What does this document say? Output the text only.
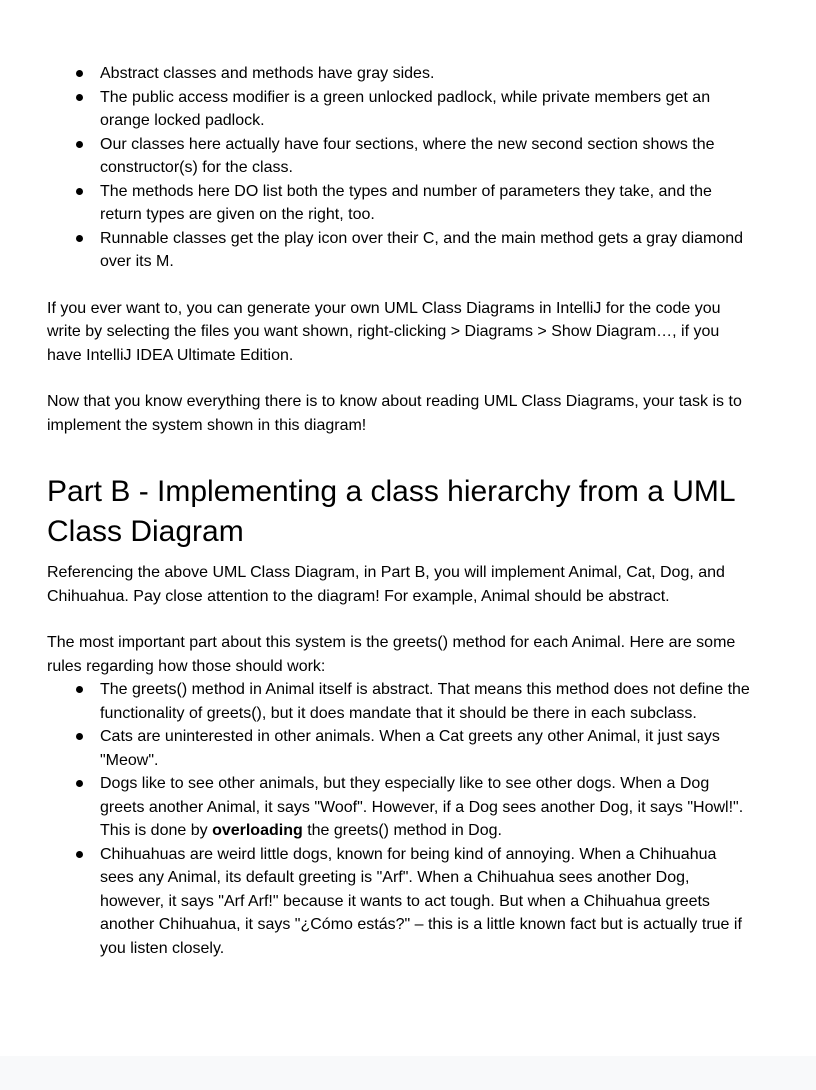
Abstract classes and methods have gray sides.
The public access modifier is a green unlocked padlock, while private members get an orange locked padlock.
Our classes here actually have four sections, where the new second section shows the constructor(s) for the class.
The methods here DO list both the types and number of parameters they take, and the return types are given on the right, too.
Runnable classes get the play icon over their C, and the main method gets a gray diamond over its M.

If you ever want to, you can generate your own UML Class Diagrams in IntelliJ for the code you write by selecting the files you want shown, right-clicking > Diagrams > Show Diagram…, if you have IntelliJ IDEA Ultimate Edition.

Now that you know everything there is to know about reading UML Class Diagrams, your task is to implement the system shown in this diagram!

Part B - Implementing a class hierarchy from a UML Class Diagram

Referencing the above UML Class Diagram, in Part B, you will implement Animal, Cat, Dog, and Chihuahua. Pay close attention to the diagram! For example, Animal should be abstract.

The most important part about this system is the greets() method for each Animal. Here are some rules regarding how those should work:

The greets() method in Animal itself is abstract. That means this method does not define the functionality of greets(), but it does mandate that it should be there in each subclass.
Cats are uninterested in other animals. When a Cat greets any other Animal, it just says "Meow".
Dogs like to see other animals, but they especially like to see other dogs. When a Dog greets another Animal, it says "Woof". However, if a Dog sees another Dog, it says "Howl!". This is done by overloading the greets() method in Dog.
Chihuahuas are weird little dogs, known for being kind of annoying. When a Chihuahua sees any Animal, its default greeting is "Arf". When a Chihuahua sees another Dog, however, it says "Arf Arf!" because it wants to act tough. But when a Chihuahua greets another Chihuahua, it says "¿Cómo estás?" – this is a little known fact but is actually true if you listen closely.
